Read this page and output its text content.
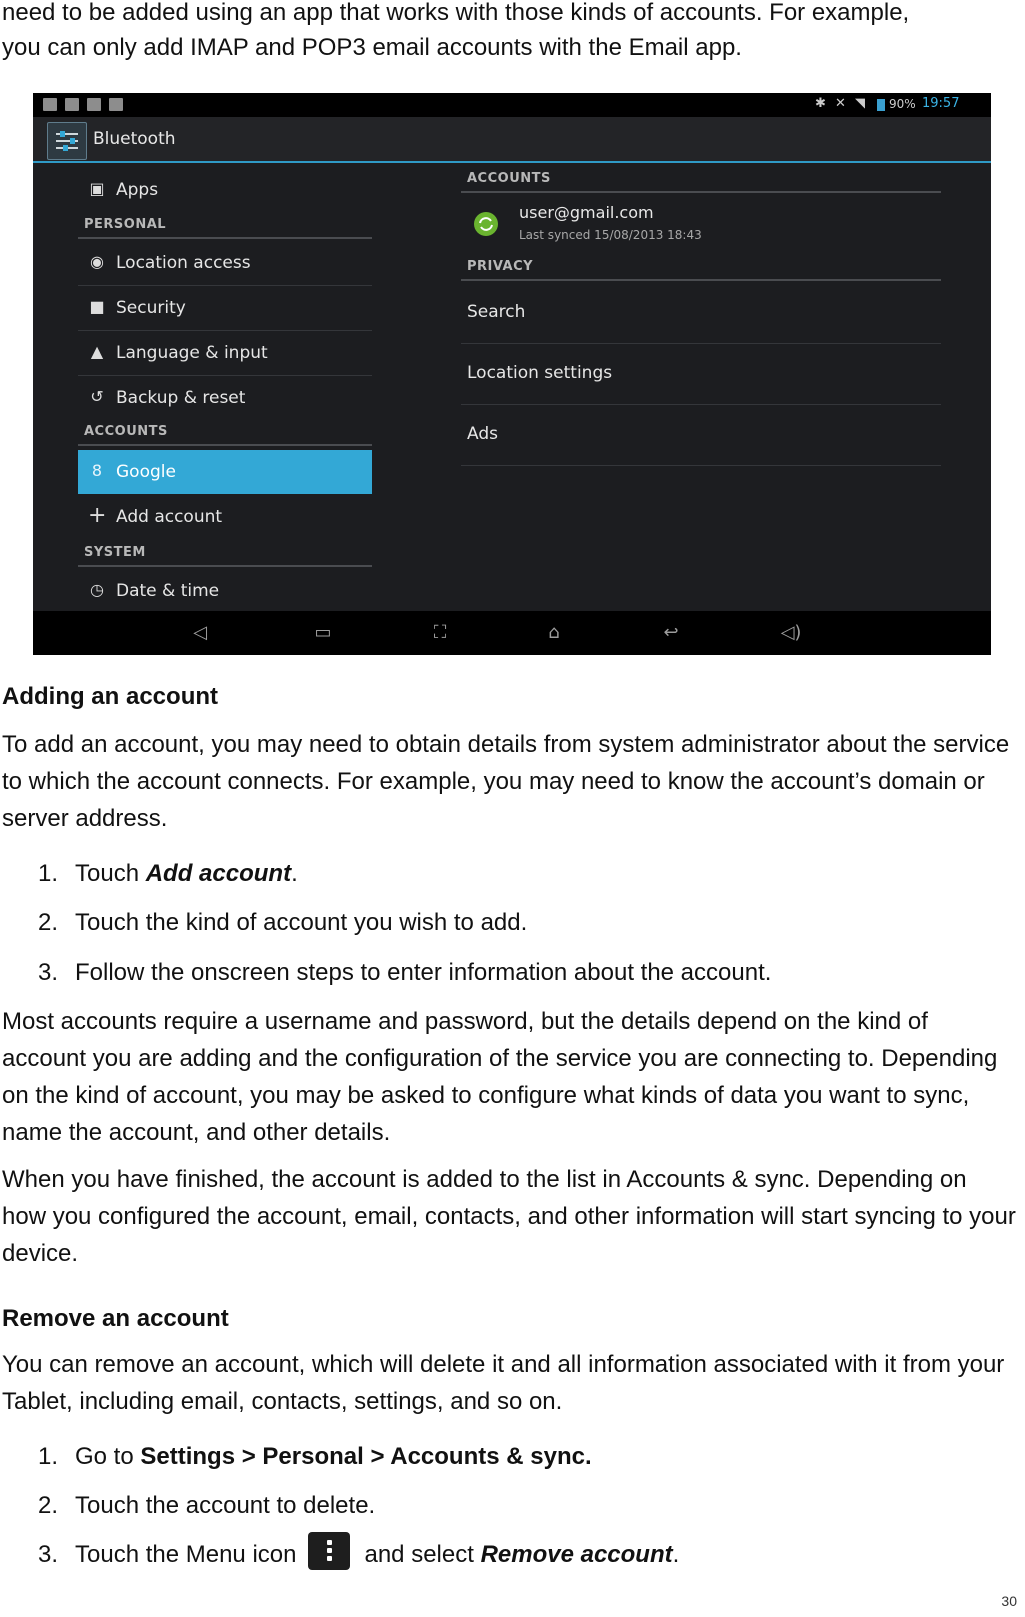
need to be added using an app that works with those kinds of accounts. For example,

you can only add IMAP and POP3 email accounts with the Email app.

✱ ✕ ◥ 90% 19:57
Bluetooth
▣ Apps
PERSONAL
◉ Location access
■ Security
▲ Language & input
↺ Backup & reset
ACCOUNTS
8 Google
+ Add account
SYSTEM
◷ Date & time
ACCOUNTS
user@gmail.com
Last synced 15/08/2013 18:43
PRIVACY
Search
Location settings
Ads
◁	▭	⛶	⌂	↩	◁)
Adding an account

To add an account, you may need to obtain details from system administrator about the service to which the account connects. For example, you may need to know the account’s domain or server address.

1. Touch Add account.

2. Touch the kind of account you wish to add.

3. Follow the onscreen steps to enter information about the account.

Most accounts require a username and password, but the details depend on the kind of account you are adding and the configuration of the service you are connecting to. Depending on the kind of account, you may be asked to configure what kinds of data you want to sync, name the account, and other details.

When you have finished, the account is added to the list in Accounts & sync. Depending on how you configured the account, email, contacts, and other information will start syncing to your device.

Remove an account

You can remove an account, which will delete it and all information associated with it from your Tablet, including email, contacts, settings, and so on.

1. Go to Settings > Personal > Accounts & sync.

2. Touch the account to delete.

3. Touch the Menu icon	and select Remove account.

30
